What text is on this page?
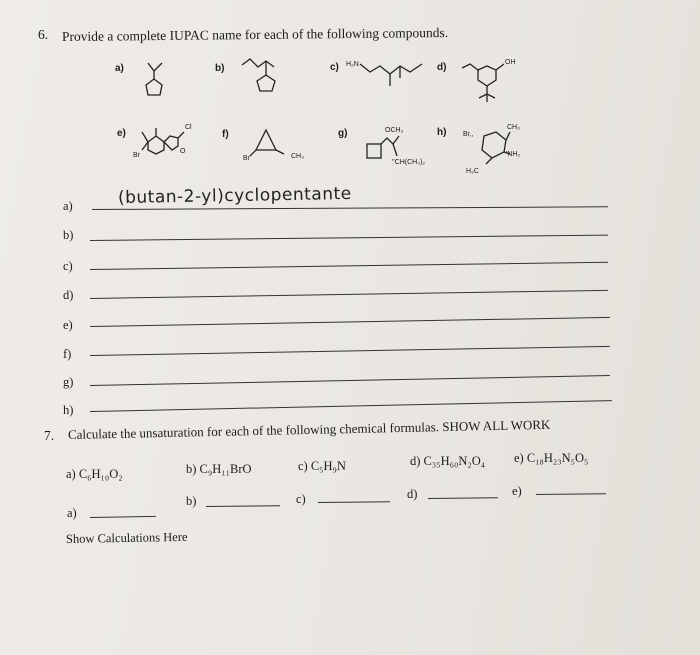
6. Provide a complete IUPAC name for each of the following compounds.
a)	b)	c) H₂N	d)	OH
e)
Cl
Br
O
f)
Br	CH₃
g)	OCH₃
''CH(CH₃)₂
h) Br,,
CH₃
'NH₂
H₃C
a)	(butan-2-yl)cyclopentante
b)
c)
d)
e)
f)
g)
h)
7. Calculate the unsaturation for each of the following chemical formulas. SHOW ALL WORK
a) C₆H₁₀O₂	b) C₉H₁₁BrO	c) C₅H₉N	d) C₃₅H₆₀N₂O₄ e) C₁₈H₂₃N₅O₅
a)
b)	c)	d)	e)
Show Calculations Here
